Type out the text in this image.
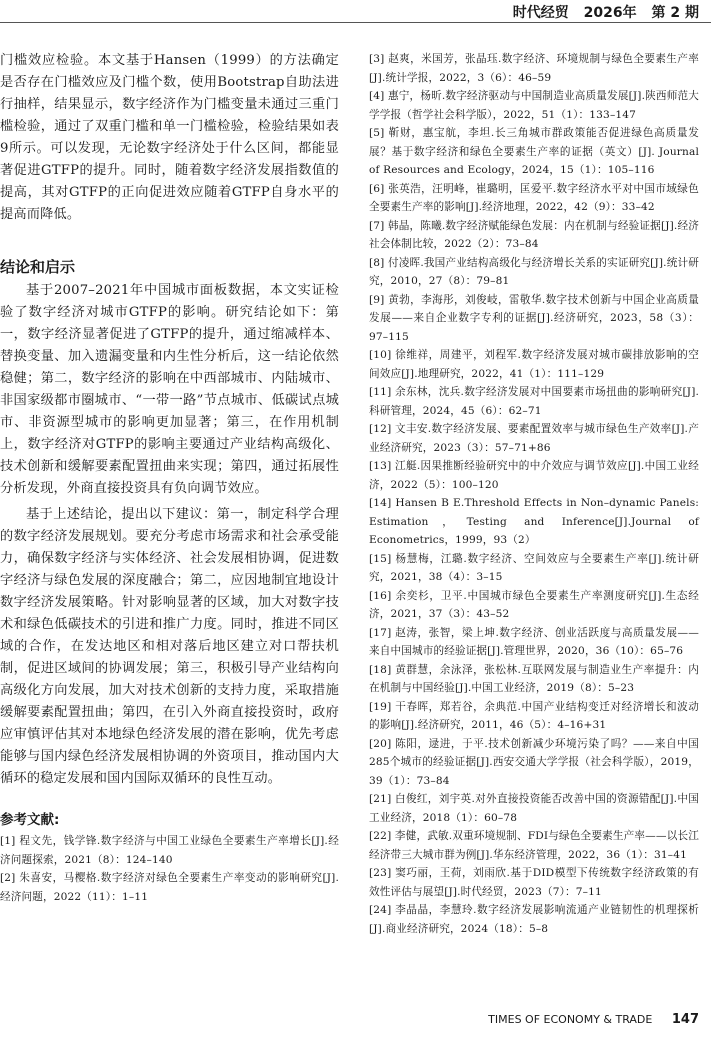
时代经贸 2026年 第 2 期

门槛效应检验。本文基于Hansen（1999）的方法确定是否存在门槛效应及门槛个数，使用Bootstrap自助法进行抽样，结果显示，数字经济作为门槛变量未通过三重门槛检验，通过了双重门槛和单一门槛检验，检验结果如表9所示。可以发现，无论数字经济处于什么区间，都能显著促进GTFP的提升。同时，随着数字经济发展指数值的提高，其对GTFP的正向促进效应随着GTFP自身水平的提高而降低。

结论和启示

基于2007–2021年中国城市面板数据，本文实证检验了数字经济对城市GTFP的影响。研究结论如下：第一，数字经济显著促进了GTFP的提升，通过缩减样本、替换变量、加入遗漏变量和内生性分析后，这一结论依然稳健；第二，数字经济的影响在中西部城市、内陆城市、非国家级都市圈城市、“一带一路”节点城市、低碳试点城市、非资源型城市的影响更加显著；第三，在作用机制上，数字经济对GTFP的影响主要通过产业结构高级化、技术创新和缓解要素配置扭曲来实现；第四，通过拓展性分析发现，外商直接投资具有负向调节效应。

基于上述结论，提出以下建议：第一，制定科学合理的数字经济发展规划。要充分考虑市场需求和社会承受能力，确保数字经济与实体经济、社会发展相协调，促进数字经济与绿色发展的深度融合；第二，应因地制宜地设计数字经济发展策略。针对影响显著的区域，加大对数字技术和绿色低碳技术的引进和推广力度。同时，推进不同区域的合作，在发达地区和相对落后地区建立对口帮扶机制，促进区域间的协调发展；第三，积极引导产业结构向高级化方向发展，加大对技术创新的支持力度，采取措施缓解要素配置扭曲；第四，在引入外商直接投资时，政府应审慎评估其对本地绿色经济发展的潜在影响，优先考虑能够与国内绿色经济发展相协调的外资项目，推动国内大循环的稳定发展和国内国际双循环的良性互动。

参考文献:

[1] 程文先，钱学锋.数字经济与中国工业绿色全要素生产率增长[J].经济问题探索，2021（8）：124–140

[2] 朱喜安，马樱格.数字经济对绿色全要素生产率变动的影响研究[J].经济问题，2022（11）：1–11

[3] 赵爽，米国芳，张晶珏.数字经济、环境规制与绿色全要素生产率[J].统计学报，2022，3（6）：46–59

[4] 惠宁，杨昕.数字经济驱动与中国制造业高质量发展[J].陕西师范大学学报（哲学社会科学版），2022，51（1）：133–147

[5] 靳财，惠宝航，李坦.长三角城市群政策能否促进绿色高质量发展？基于数字经济和绿色全要素生产率的证据（英文）[J]. Journal of Resources and Ecology，2024，15（1）：105–116

[6] 张英浩，汪明峰，崔璐明，匡爱平.数字经济水平对中国市域绿色全要素生产率的影响[J].经济地理，2022，42（9）：33–42

[7] 韩晶，陈曦.数字经济赋能绿色发展：内在机制与经验证据[J].经济社会体制比较，2022（2）：73–84

[8] 付凌晖.我国产业结构高级化与经济增长关系的实证研究[J].统计研究，2010，27（8）：79–81

[9] 黄勃，李海彤，刘俊岐，雷敬华.数字技术创新与中国企业高质量发展——来自企业数字专利的证据[J].经济研究，2023，58（3）：97–115

[10] 徐维祥，周建平，刘程军.数字经济发展对城市碳排放影响的空间效应[J].地理研究，2022，41（1）：111–129

[11] 余东林，沈兵.数字经济发展对中国要素市场扭曲的影响研究[J].科研管理，2024，45（6）：62–71

[12] 文丰安.数字经济发展、要素配置效率与城市绿色生产效率[J].产业经济研究，2023（3）：57–71+86

[13] 江艇.因果推断经验研究中的中介效应与调节效应[J].中国工业经济，2022（5）：100–120

[14] Hansen B E.Threshold Effects in Non–dynamic Panels: Estimation，Testing and Inference[J].Journal of Econometrics，1999，93（2）

[15] 杨慧梅，江璐.数字经济、空间效应与全要素生产率[J].统计研究，2021，38（4）：3–15

[16] 余奕杉，卫平.中国城市绿色全要素生产率测度研究[J].生态经济，2021，37（3）：43–52

[17] 赵涛，张智，梁上坤.数字经济、创业活跃度与高质量发展——来自中国城市的经验证据[J].管理世界，2020，36（10）：65–76

[18] 黄群慧，余泳泽，张松林.互联网发展与制造业生产率提升：内在机制与中国经验[J].中国工业经济，2019（8）：5–23

[19] 干春晖，郑若谷，余典范.中国产业结构变迁对经济增长和波动的影响[J].经济研究，2011，46（5）：4–16+31

[20] 陈阳，逯进，于平.技术创新减少环境污染了吗？——来自中国285个城市的经验证据[J].西安交通大学学报（社会科学版），2019，39（1）：73–84

[21] 白俊红，刘宇英.对外直接投资能否改善中国的资源错配[J].中国工业经济，2018（1）：60–78

[22] 李健，武敏.双重环境规制、FDI与绿色全要素生产率——以长江经济带三大城市群为例[J].华东经济管理，2022，36（1）：31–41

[23] 窦巧丽，王荷，刘雨欣.基于DID模型下传统数字经济政策的有效性评估与展望[J].时代经贸，2023（7）：7–11

[24] 李晶晶，李慧玲.数字经济发展影响流通产业链韧性的机理探析[J].商业经济研究，2024（18）：5–8

TIMES OF ECONOMY & TRADE 147
